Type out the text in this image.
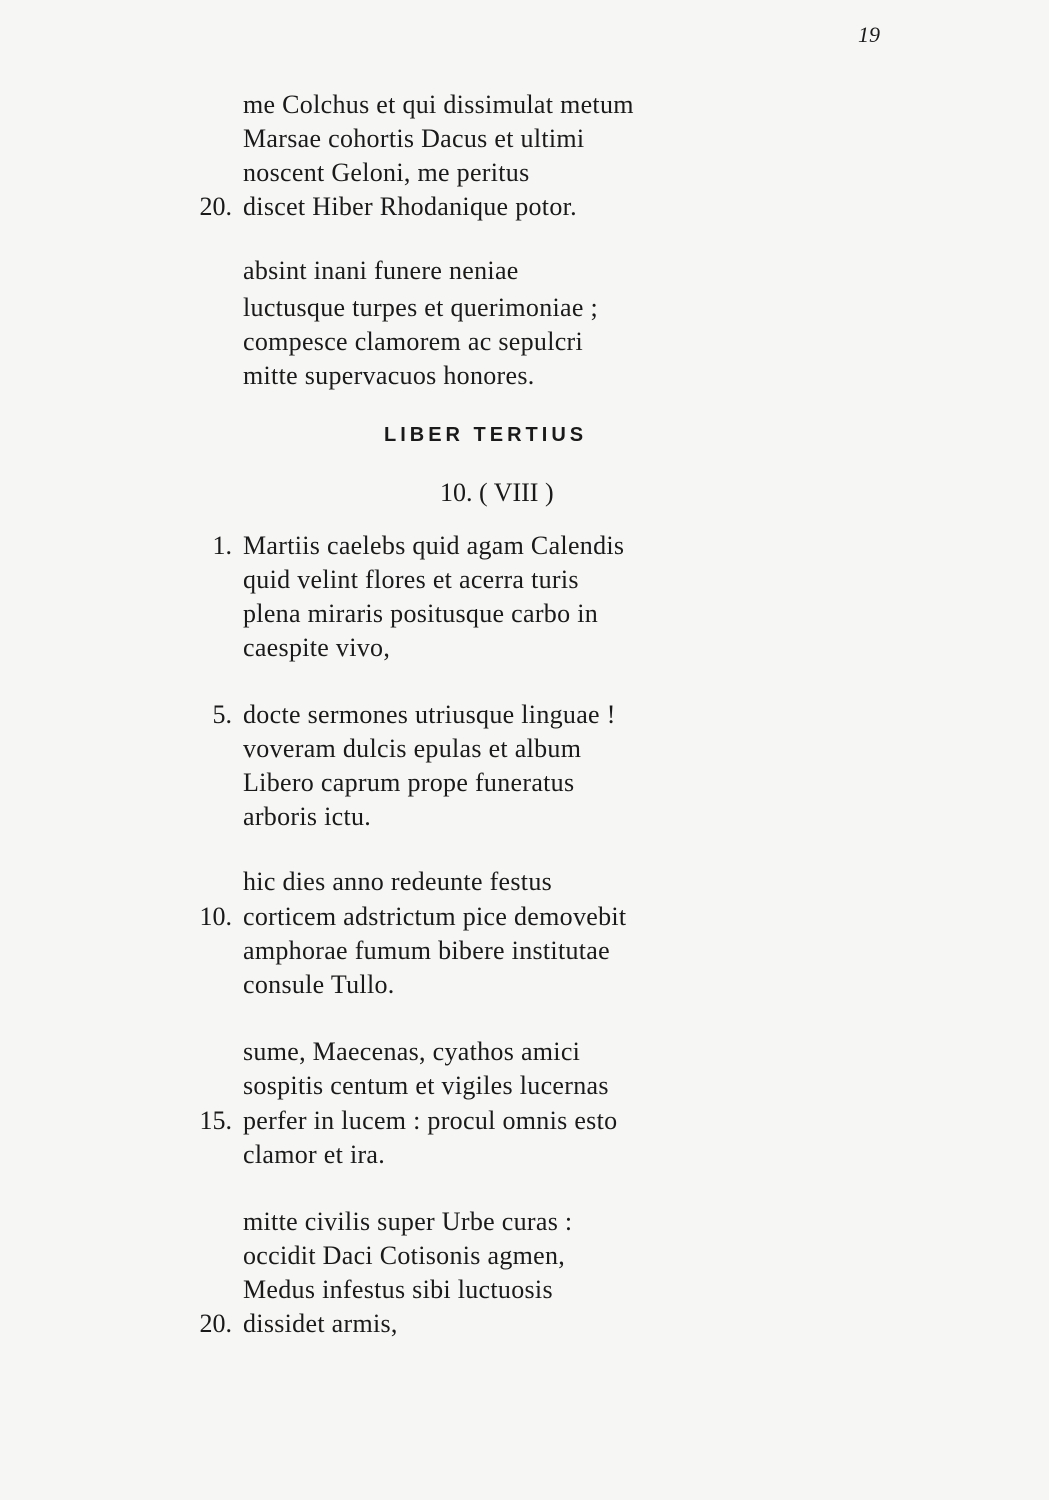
19
20.
me Colchus et qui dissimulat metum
Marsae cohortis Dacus et ultimi
noscent Geloni, me peritus
discet Hiber Rhodanique potor.
absint inani funere neniae
luctusque turpes et querimoniae ;
compesce clamorem ac sepulcri
mitte supervacuos honores.
LIBER TERTIUS
10. ( VIII )
1. Martiis caelebs quid agam Calendis
quid velint flores et acerra turis
plena miraris positusque carbo in
caespite vivo,
5. docte sermones utriusque linguae !
voveram dulcis epulas et album
Libero caprum prope funeratus
arboris ictu.
hic dies anno redeunte festus
10. corticem adstrictum pice demovebit
amphorae fumum bibere institutae
consule Tullo.
sume, Maecenas, cyathos amici
sospitis centum et vigiles lucernas
15. perfer in lucem : procul omnis esto
clamor et ira.
mitte civilis super Urbe curas :
occidit Daci Cotisonis agmen,
Medus infestus sibi luctuosis
20. dissidet armis,
